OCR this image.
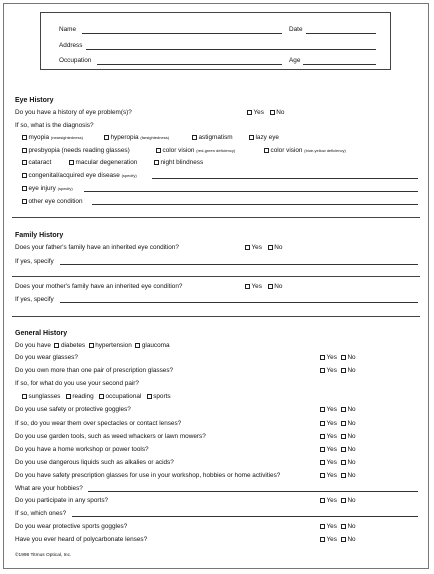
Name	Date
Address
Occupation	Age
Eye History
Do you have a history of eye problem(s)?	Yes No
If so, what is the diagnosis?
myopia (nearsightedness)	hyperopia (farsightedness)	astigmatism	lazy eye
presbyopia (needs reading glasses)	color vision (red-green deficiency)	color vision (blue-yellow deficiency)
cataract	macular degeneration	night blindness
congenital/acquired eye disease (specify)
eye injury (specify)
other eye condition
Family History
Does your father's family have an inherited eye condition?	Yes No
If yes, specify
Does your mother's family have an inherited eye condition?	Yes No
If yes, specify
General History
Do you have diabetes hypertension glaucoma
Do you wear glasses?	Yes No
Do you own more than one pair of prescription glasses?	Yes No
If so, for what do you use your second pair?
sunglasses reading occupational sports
Do you use safety or protective goggles?	Yes No
If so, do you wear them over spectacles or contact lenses?	Yes No
Do you use garden tools, such as weed whackers or lawn mowers?	Yes No
Do you have a home workshop or power tools?	Yes No
Do you use dangerous liquids such as alkalies or acids?	Yes No
Do you have safety prescription glasses for use in your workshop, hobbies or home activities?	Yes No
What are your hobbies?
Do you participate in any sports?	Yes No
If so, which ones?
Do you wear protective sports goggles?	Yes No
Have you ever heard of polycarbonate lenses?	Yes No
©1998 Titmus Optical, Inc.
